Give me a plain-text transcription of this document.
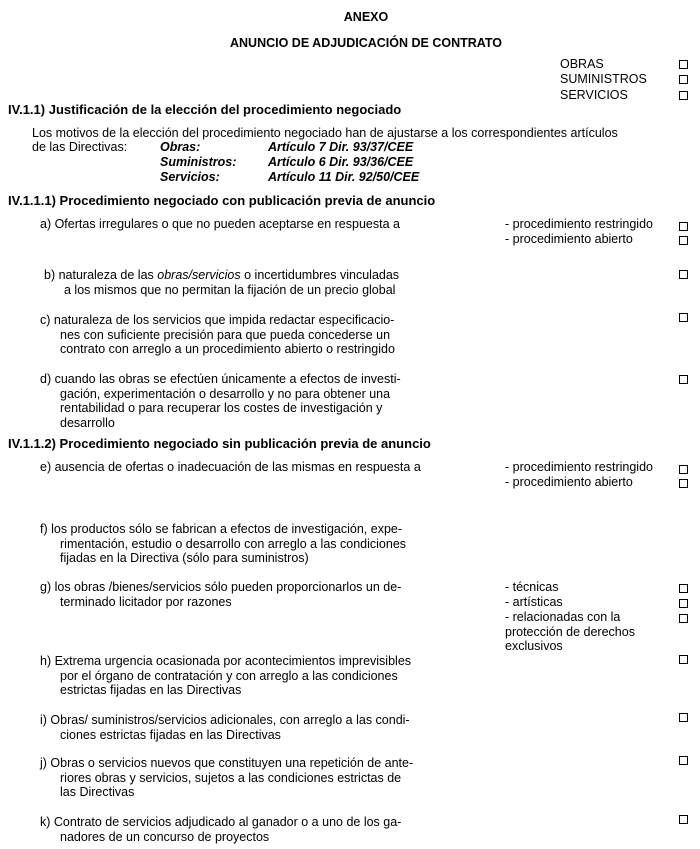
ANEXO
ANUNCIO DE ADJUDICACIÓN DE CONTRATO
OBRAS
SUMINISTROS
SERVICIOS
IV.1.1) Justificación de la elección del procedimiento negociado
Los motivos de la elección del procedimiento negociado han de ajustarse a los correspondientes artículos
de las Directivas:	Obras:	Artículo 7 Dir. 93/37/CEE
Suministros:	Artículo 6 Dir. 93/36/CEE
Servicios:	Artículo 11 Dir. 92/50/CEE
IV.1.1.1) Procedimiento negociado con publicación previa de anuncio
a) Ofertas irregulares o que no pueden aceptarse en respuesta a	- procedimiento restringido
- procedimiento abierto
b) naturaleza de las obras/servicios o incertidumbres vinculadas
a los mismos que no permitan la fijación de un precio global
c) naturaleza de los servicios que impida redactar especificacio-
nes con suficiente precisión para que pueda concederse un
contrato con arreglo a un procedimiento abierto o restringido
d) cuando las obras se efectúen únicamente a efectos de investi-
gación, experimentación o desarrollo y no para obtener una
rentabilidad o para recuperar los costes de investigación y
desarrollo
IV.1.1.2) Procedimiento negociado sin publicación previa de anuncio
e) ausencia de ofertas o inadecuación de las mismas en respuesta a	- procedimiento restringido
- procedimiento abierto
f) los productos sólo se fabrican a efectos de investigación, expe-
rimentación, estudio o desarrollo con arreglo a las condiciones
fijadas en la Directiva (sólo para suministros)
g) los obras /bienes/servicios sólo pueden proporcionarlos un de-
terminado licitador por razones
- técnicas
- artísticas
- relacionadas con la
protección de derechos
exclusivos
h) Extrema urgencia ocasionada por acontecimientos imprevisibles
por el órgano de contratación y con arreglo a las condiciones
estrictas fijadas en las Directivas
i) Obras/ suministros/servicios adicionales, con arreglo a las condi-
ciones estrictas fijadas en las Directivas
j) Obras o servicios nuevos que constituyen una repetición de ante-
riores obras y servicios, sujetos a las condiciones estrictas de
las Directivas
k) Contrato de servicios adjudicado al ganador o a uno de los ga-
nadores de un concurso de proyectos
